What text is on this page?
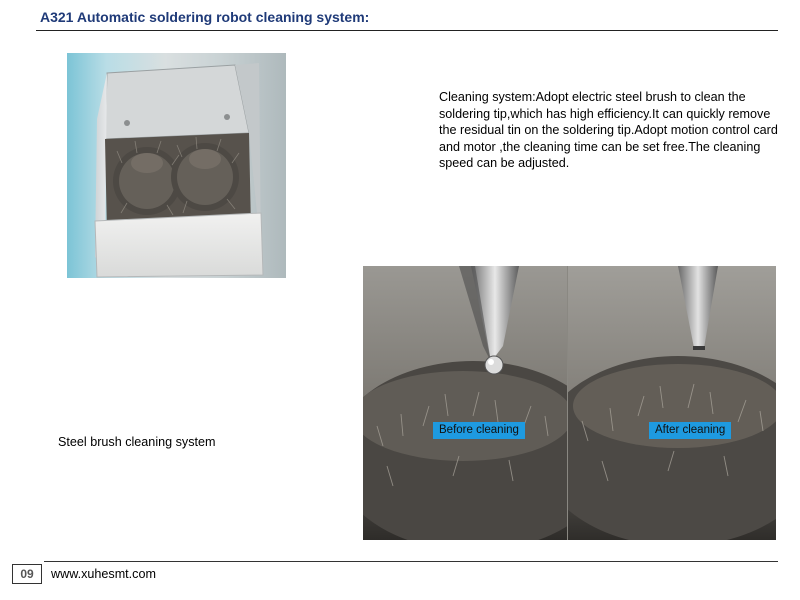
A321 Automatic soldering robot cleaning system:
Cleaning system:Adopt electric steel brush to clean the soldering tip,which has high efficiency.It can quickly remove the residual tin on the soldering tip.Adopt motion control card and motor ,the cleaning time can be set free.The cleaning speed can be adjusted.
Steel brush cleaning system
Before cleaning	After cleaning
09	www.xuhesmt.com
